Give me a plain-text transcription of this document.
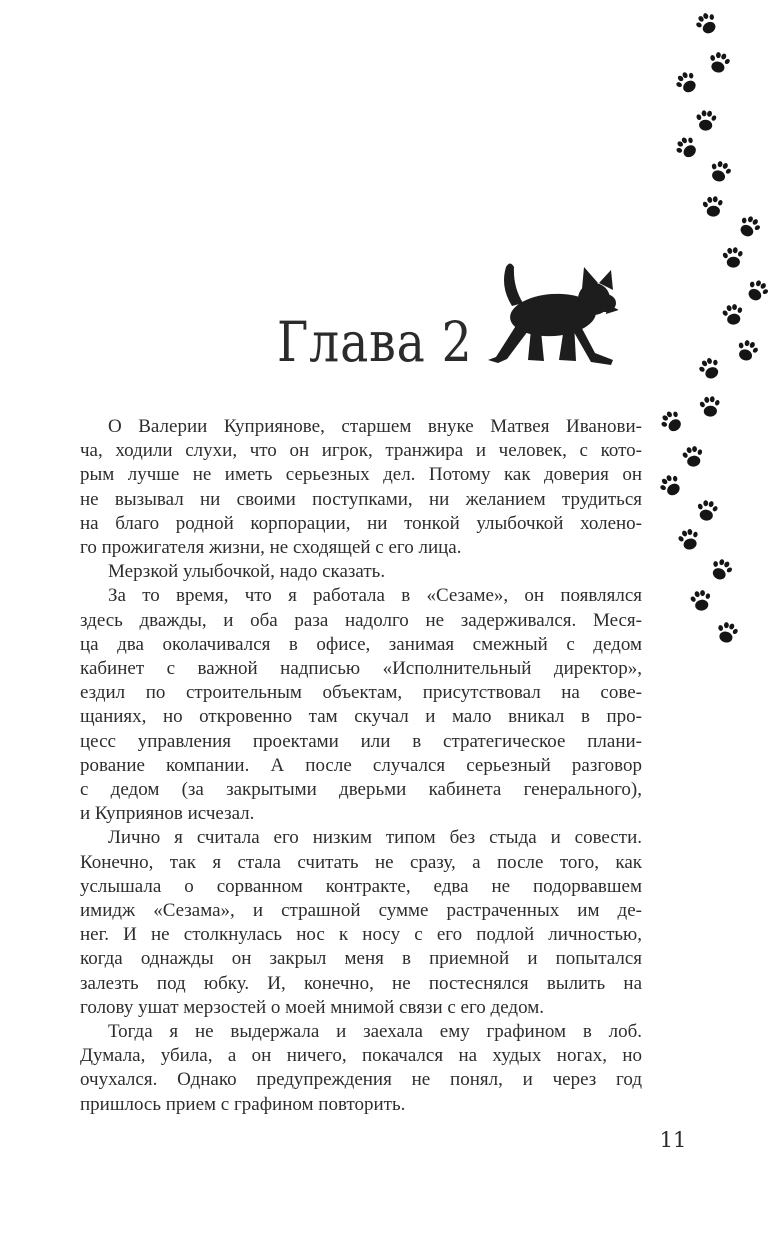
Глава 2
О Валерии Куприянове, старшем внуке Матвея Иванови-
ча, ходили слухи, что он игрок, транжира и человек, с кото-
рым лучше не иметь серьезных дел. Потому как доверия он
не вызывал ни своими поступками, ни желанием трудиться
на благо родной корпорации, ни тонкой улыбочкой холено-
го прожигателя жизни, не сходящей с его лица.
Мерзкой улыбочкой, надо сказать.
За то время, что я работала в «Сезаме», он появлялся
здесь дважды, и оба раза надолго не задерживался. Меся-
ца два околачивался в офисе, занимая смежный с дедом
кабинет с важной надписью «Исполнительный директор»,
ездил по строительным объектам, присутствовал на сове-
щаниях, но откровенно там скучал и мало вникал в про-
цесс управления проектами или в стратегическое плани-
рование компании. А после случался серьезный разговор
с дедом (за закрытыми дверьми кабинета генерального),
и Куприянов исчезал.
Лично я считала его низким типом без стыда и совести.
Конечно, так я стала считать не сразу, а после того, как
услышала о сорванном контракте, едва не подорвавшем
имидж «Сезама», и страшной сумме растраченных им де-
нег. И не столкнулась нос к носу с его подлой личностью,
когда однажды он закрыл меня в приемной и попытался
залезть под юбку. И, конечно, не постеснялся вылить на
голову ушат мерзостей о моей мнимой связи с его дедом.
Тогда я не выдержала и заехала ему графином в лоб.
Думала, убила, а он ничего, покачался на худых ногах, но
очухался. Однако предупреждения не понял, и через год
пришлось прием с графином повторить.
11
